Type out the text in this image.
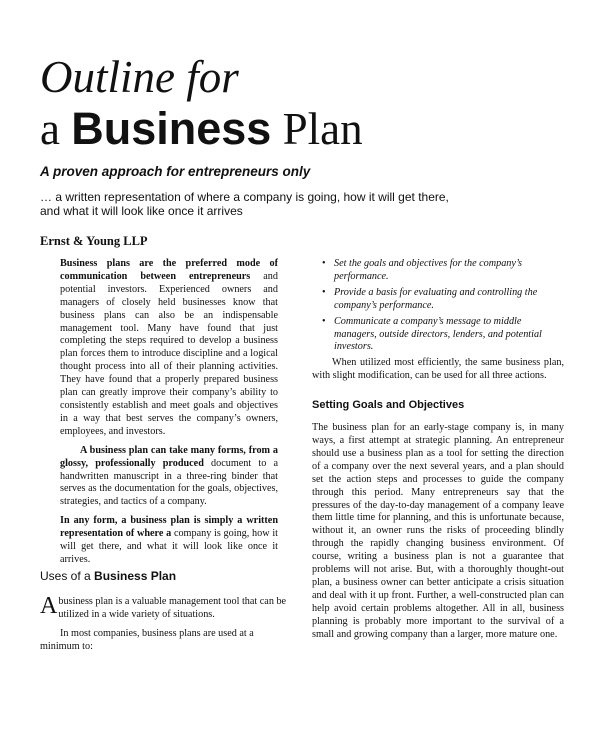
Outline for
a Business Plan
A proven approach for entrepreneurs only
… a written representation of where a company is going, how it will get there, and what it will look like once it arrives
Ernst & Young LLP

Business plans are the preferred mode of communication between entrepreneurs and potential investors. Experienced owners and managers of closely held businesses know that business plans can also be an indispensable management tool. Many have found that just completing the steps required to develop a business plan forces them to introduce discipline and a logical thought process into all of their planning activities. They have found that a properly prepared business plan can greatly improve their company’s ability to consistently establish and meet goals and objectives in a way that best serves the company’s owners, employees, and investors.

A business plan can take many forms, from a glossy, professionally produced document to a handwritten manuscript in a three-ring binder that serves as the documentation for the goals, objectives, strategies, and tactics of a company.

In any form, a business plan is simply a written representation of where a company is going, how it will get there, and what it will look like once it arrives.

Uses of a Business Plan

A business plan is a valuable management tool that can be utilized in a wide variety of situations.

In most companies, business plans are used at a minimum to:

• Set the goals and objectives for the company’s performance.
• Provide a basis for evaluating and controlling the company’s performance.
• Communicate a company’s message to middle managers, outside directors, lenders, and potential investors.

When utilized most efficiently, the same business plan, with slight modification, can be used for all three actions.

Setting Goals and Objectives

The business plan for an early-stage company is, in many ways, a first attempt at strategic planning. An entrepreneur should use a business plan as a tool for setting the direction of a company over the next several years, and a plan should set the action steps and processes to guide the company through this period. Many entrepreneurs say that the pressures of the day-to-day management of a company leave them little time for planning, and this is unfortunate because, without it, an owner runs the risks of proceeding blindly through the rapidly changing business environment. Of course, writing a business plan is not a guarantee that problems will not arise. But, with a thoroughly thought-out plan, a business owner can better anticipate a crisis situation and deal with it up front. Further, a well-constructed plan can help avoid certain problems altogether. All in all, business planning is probably more important to the survival of a small and growing company than a larger, more mature one.
